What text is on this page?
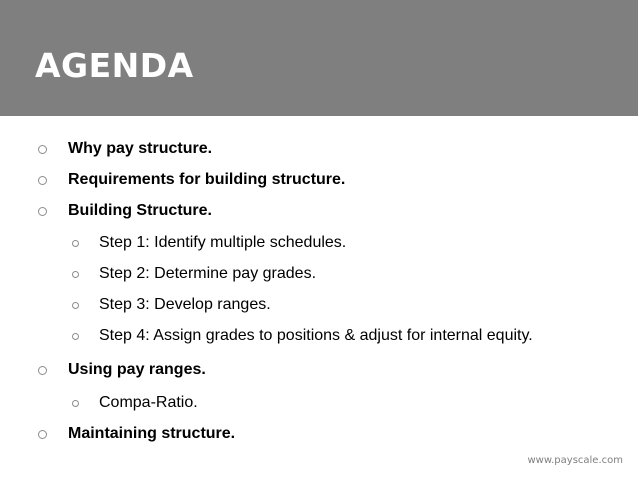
AGENDA
Why pay structure.
Requirements for building structure.
Building Structure.
Step 1: Identify multiple schedules.
Step 2: Determine pay grades.
Step 3: Develop ranges.
Step 4: Assign grades to positions & adjust for internal equity.
Using pay ranges.
Compa-Ratio.
Maintaining structure.
www.payscale.com
